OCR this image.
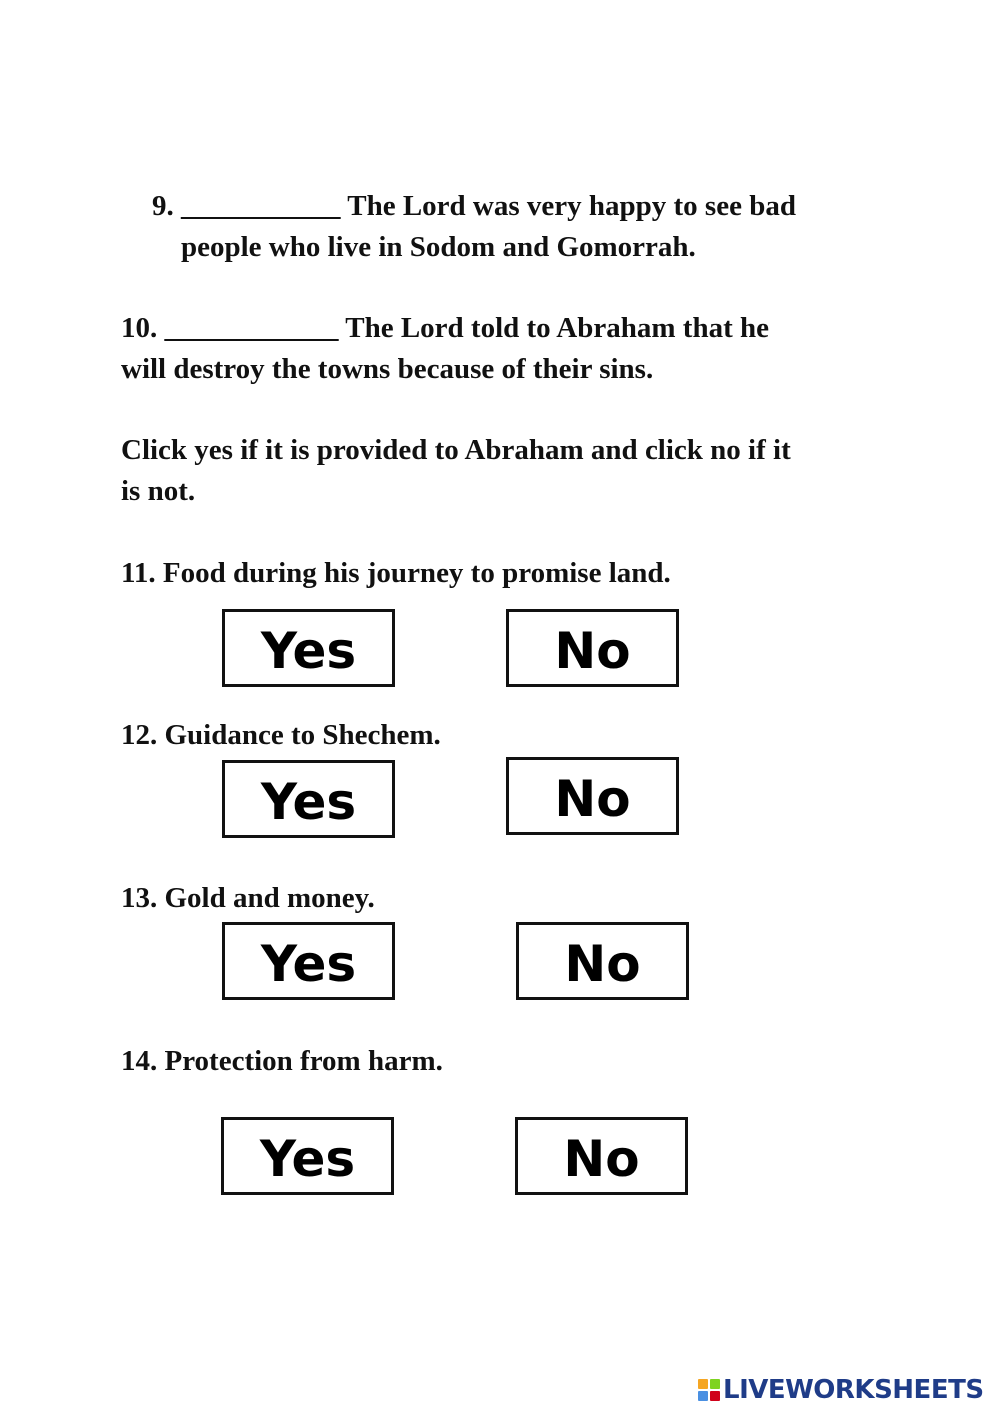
9. ___________ The Lord was very happy to see bad
people who live in Sodom and Gomorrah.
10. ____________ The Lord told to Abraham that he
will destroy the towns because of their sins.
Click yes if it is provided to Abraham and click no if it
is not.
11. Food during his journey to promise land.
Yes	No
12. Guidance to Shechem.
Yes	No
13. Gold and money.
Yes	No
14. Protection from harm.
Yes	No
LIVEWORKSHEETS
